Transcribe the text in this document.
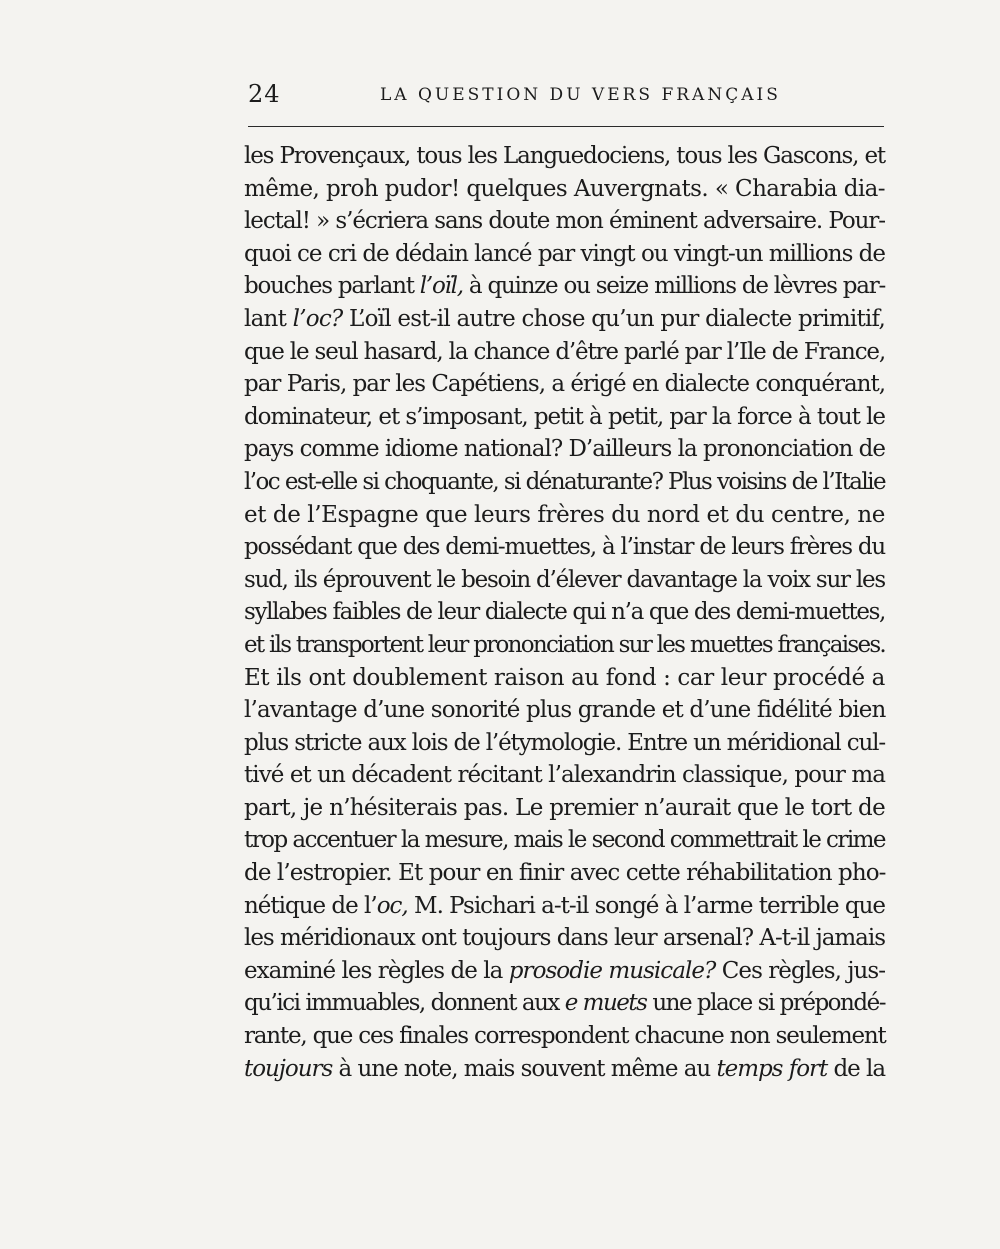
24	LA QUESTION DU VERS FRANÇAIS
les Provençaux, tous les Languedociens, tous les Gascons, et
même, proh pudor! quelques Auvergnats. « Charabia dia-
lectal! » s’écriera sans doute mon éminent adversaire. Pour-
quoi ce cri de dédain lancé par vingt ou vingt-un millions de
bouches parlant l’oïl, à quinze ou seize millions de lèvres par-
lant l’oc? L’oïl est-il autre chose qu’un pur dialecte primitif,
que le seul hasard, la chance d’être parlé par l’Ile de France,
par Paris, par les Capétiens, a érigé en dialecte conquérant,
dominateur, et s’imposant, petit à petit, par la force à tout le
pays comme idiome national? D’ailleurs la prononciation de
l’oc est-elle si choquante, si dénaturante? Plus voisins de l’Italie
et de l’Espagne que leurs frères du nord et du centre, ne
possédant que des demi-muettes, à l’instar de leurs frères du
sud, ils éprouvent le besoin d’élever davantage la voix sur les
syllabes faibles de leur dialecte qui n’a que des demi-muettes,
et ils transportent leur prononciation sur les muettes françaises.
Et ils ont doublement raison au fond : car leur procédé a
l’avantage d’une sonorité plus grande et d’une fidélité bien
plus stricte aux lois de l’étymologie. Entre un méridional cul-
tivé et un décadent récitant l’alexandrin classique, pour ma
part, je n’hésiterais pas. Le premier n’aurait que le tort de
trop accentuer la mesure, mais le second commettrait le crime
de l’estropier. Et pour en finir avec cette réhabilitation pho-
nétique de l’oc, M. Psichari a-t-il songé à l’arme terrible que
les méridionaux ont toujours dans leur arsenal? A-t-il jamais
examiné les règles de la prosodie musicale? Ces règles, jus-
qu’ici immuables, donnent aux e muets une place si prépondé-
rante, que ces finales correspondent chacune non seulement
toujours à une note, mais souvent même au temps fort de la
